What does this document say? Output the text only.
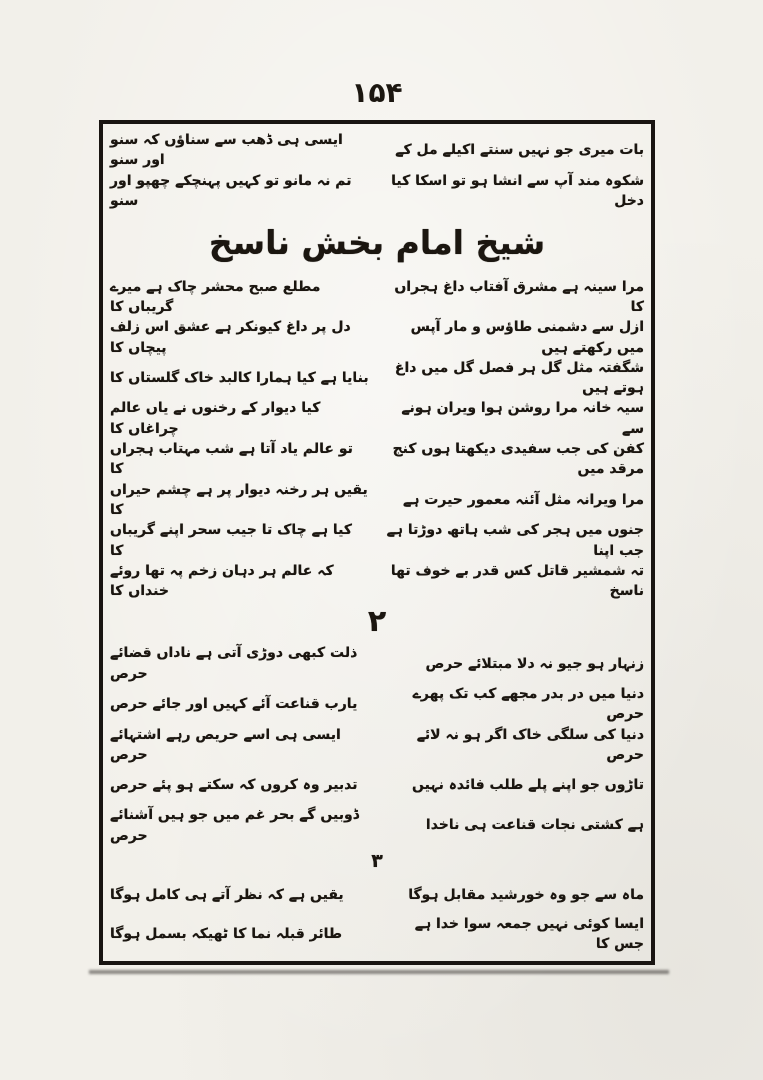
۱۵۴
بات میری جو نہیں سنتے اکیلے مل کے
ایسی ہی ڈھب سے سناؤں کہ سنو اور سنو
شکوہ مند آپ سے انشا ہو تو اسکا کیا دخل
تم نہ مانو تو کہیں پہنچکے چھپو اور سنو
شیخ امام بخش ناسخ
مرا سینہ ہے مشرق آفتاب داغ ہجراں کا
مطلع صبح محشر چاک ہے میرے گریباں کا
ازل سے دشمنی طاؤس و مار آپس میں رکھتے ہیں
دل پر داغ کیونکر ہے عشق اس زلف پیچاں کا
شگفتہ مثل گل ہر فصل گل میں داغ ہوتے ہیں
بنایا ہے کیا ہمارا کالبد خاک گلستاں کا
سیہ خانہ مرا روشن ہوا ویران ہونے سے
کیا دیوار کے رخنوں نے یاں عالم چراغاں کا
کفن کی جب سفیدی دیکھتا ہوں کنج مرقد میں
تو عالم یاد آتا ہے شب مہتاب ہجراں کا
مرا ویرانہ مثل آئنہ معمور حیرت ہے
یقیں ہر رخنہ دیوار پر ہے چشم حیراں کا
جنوں میں ہجر کی شب ہاتھ دوڑتا ہے جب اپنا
کیا ہے چاک تا جیب سحر اپنے گریباں کا
تہ شمشیر قاتل کس قدر بے خوف تھا ناسخ
کہ عالم ہر دہان زخم پہ تھا روئے خنداں کا
۲
زنہار ہو جیو نہ دلا مبتلائے حرص
ذلت کبھی دوڑی آتی ہے ناداں قضائے حرص
دنیا میں در بدر مجھے کب تک پھرے حرص
یارب قناعت آئے کہیں اور جائے حرص
دنیا کی سلگی خاک اگر ہو نہ لائے حرص
ایسی ہی اسے حریص رہے اشتہائے حرص
تاڑوں جو اپنے پلے طلب فائدہ نہیں
تدبیر وہ کروں کہ سکتے ہو پئے حرص
ہے کشتی نجات قناعت ہی ناخدا
ڈوبیں گے بحر غم میں جو ہیں آشنائے حرص
۳
ماہ سے جو وہ خورشید مقابل ہوگا
یقیں ہے کہ نظر آتے ہی کامل ہوگا
ایسا کوئی نہیں جمعہ سوا خدا ہے جس کا
طائر قبلہ نما کا ٹھیکہ بسمل ہوگا
